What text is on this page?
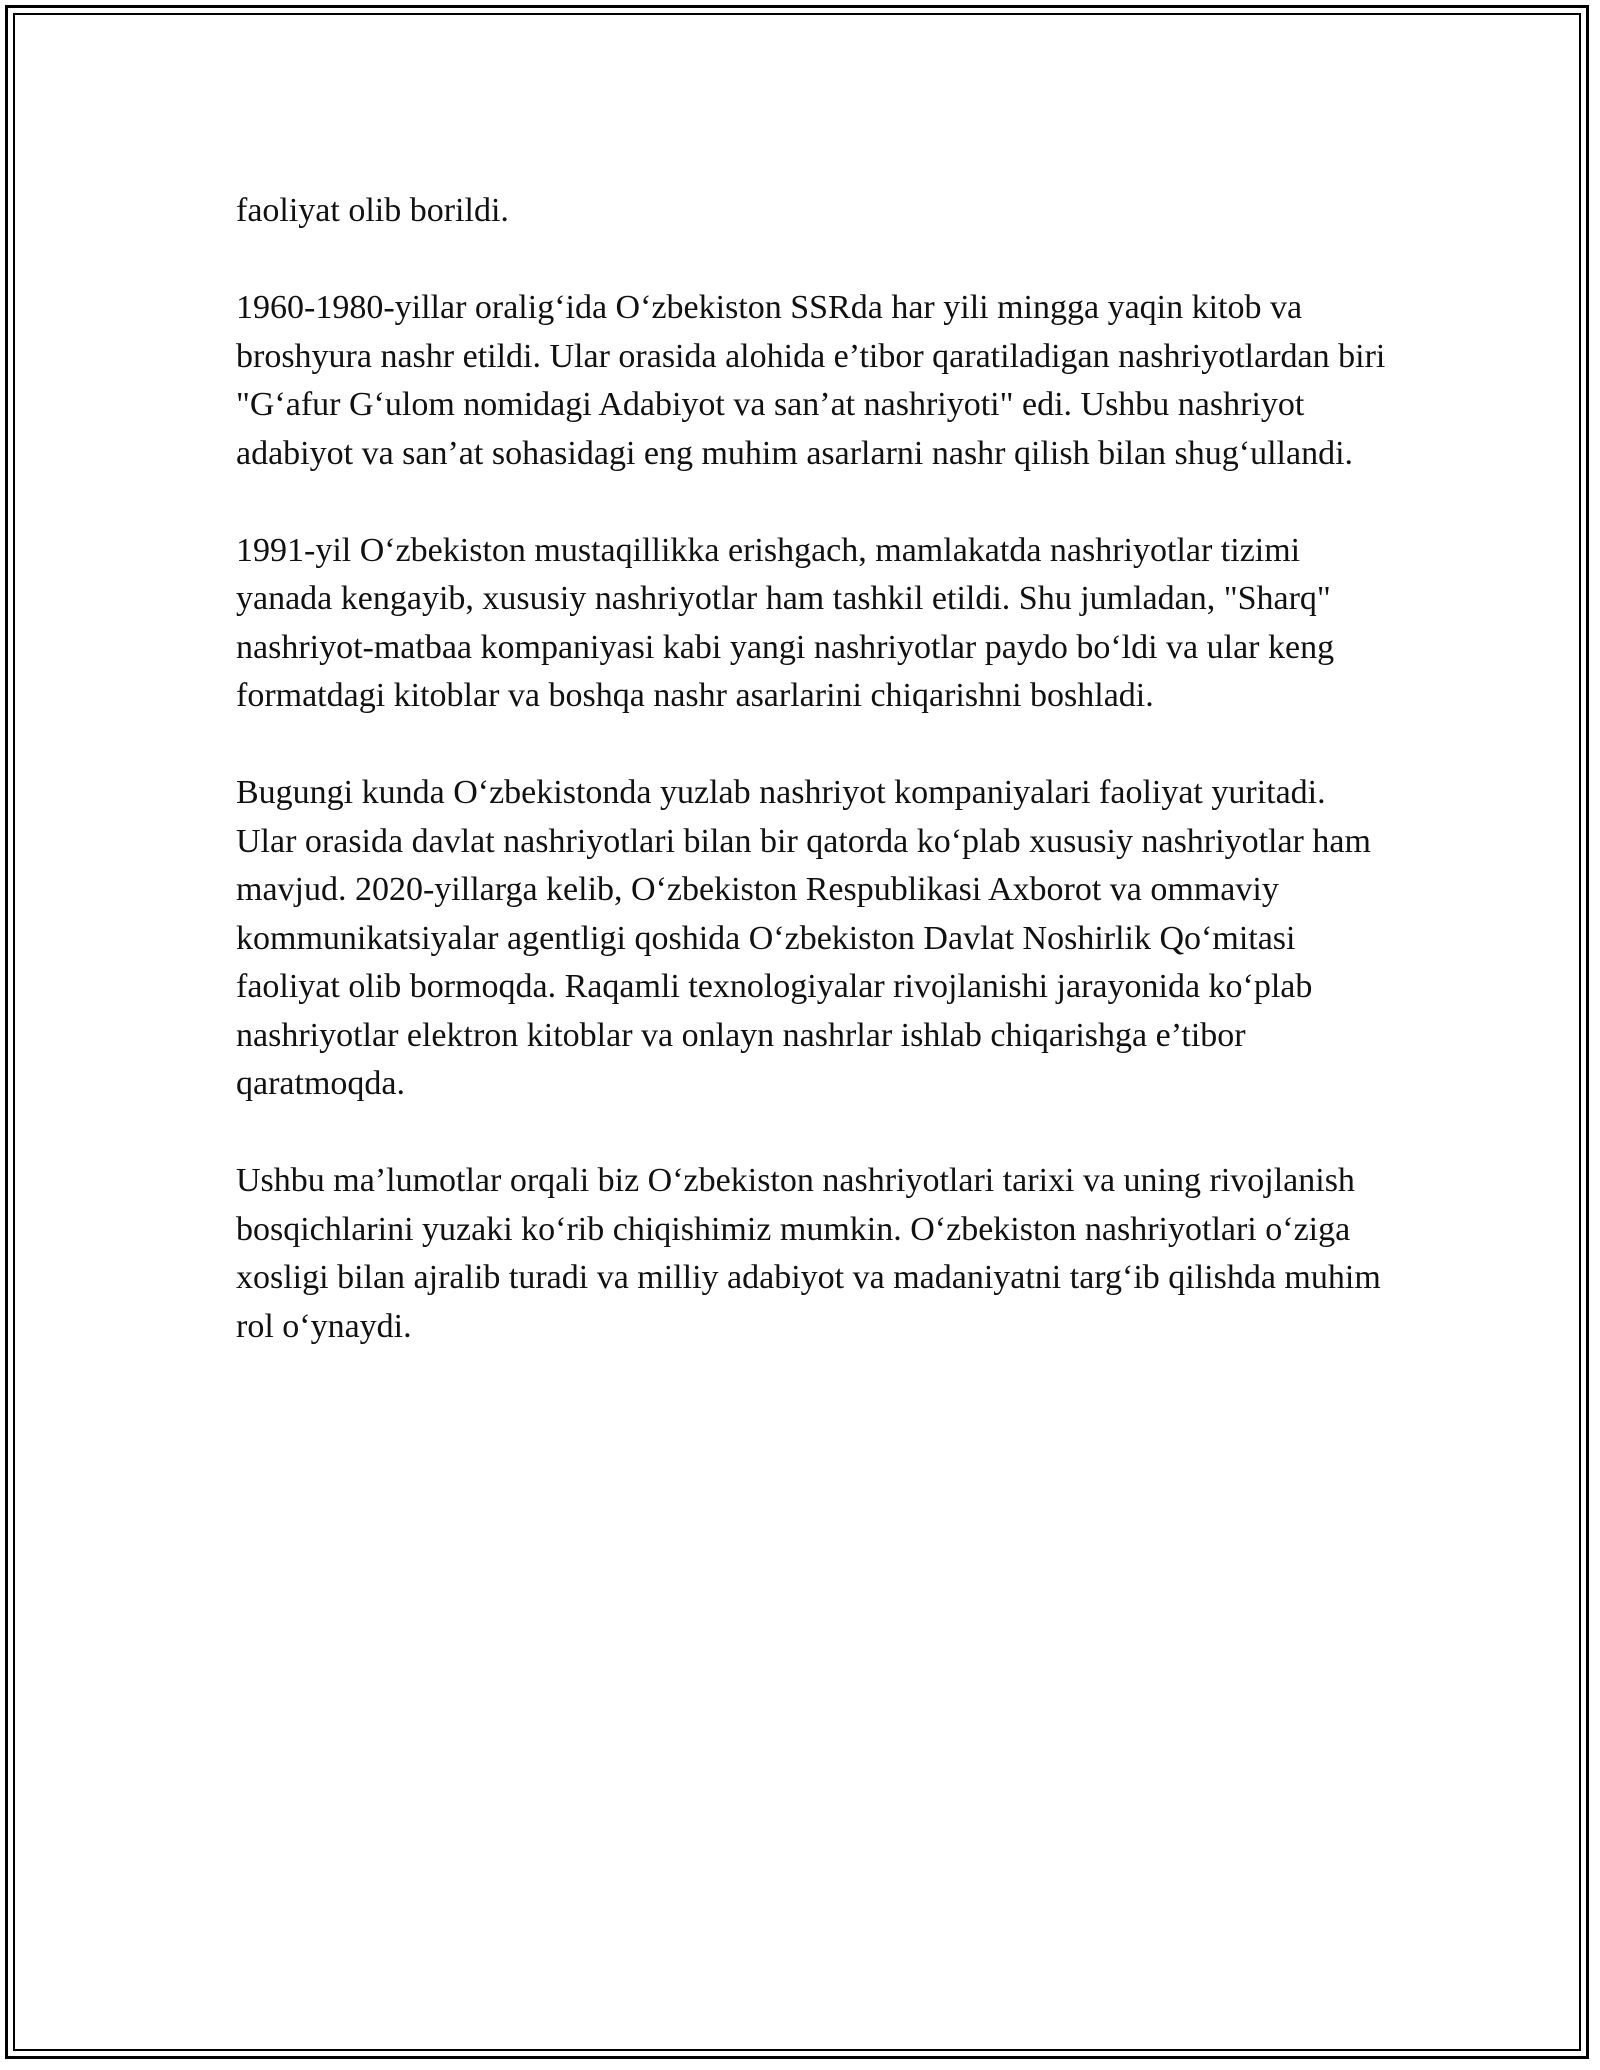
faoliyat olib borildi.

1960-1980-yillar oralig‘ida O‘zbekiston SSRda har yili mingga yaqin kitob va broshyura nashr etildi. Ular orasida alohida e’tibor qaratiladigan nashriyotlardan biri "G‘afur G‘ulom nomidagi Adabiyot va san’at nashriyoti" edi. Ushbu nashriyot adabiyot va san’at sohasidagi eng muhim asarlarni nashr qilish bilan shug‘ullandi.

1991-yil O‘zbekiston mustaqillikka erishgach, mamlakatda nashriyotlar tizimi yanada kengayib, xususiy nashriyotlar ham tashkil etildi. Shu jumladan, "Sharq" nashriyot-matbaa kompaniyasi kabi yangi nashriyotlar paydo bo‘ldi va ular keng formatdagi kitoblar va boshqa nashr asarlarini chiqarishni boshladi.

Bugungi kunda O‘zbekistonda yuzlab nashriyot kompaniyalari faoliyat yuritadi. Ular orasida davlat nashriyotlari bilan bir qatorda ko‘plab xususiy nashriyotlar ham mavjud. 2020-yillarga kelib, O‘zbekiston Respublikasi Axborot va ommaviy kommunikatsiyalar agentligi qoshida O‘zbekiston Davlat Noshirlik Qo‘mitasi faoliyat olib bormoqda. Raqamli texnologiyalar rivojlanishi jarayonida ko‘plab nashriyotlar elektron kitoblar va onlayn nashrlar ishlab chiqarishga e’tibor qaratmoqda.

Ushbu ma’lumotlar orqali biz O‘zbekiston nashriyotlari tarixi va uning rivojlanish bosqichlarini yuzaki ko‘rib chiqishimiz mumkin. O‘zbekiston nashriyotlari o‘ziga xosligi bilan ajralib turadi va milliy adabiyot va madaniyatni targ‘ib qilishda muhim rol o‘ynaydi.
